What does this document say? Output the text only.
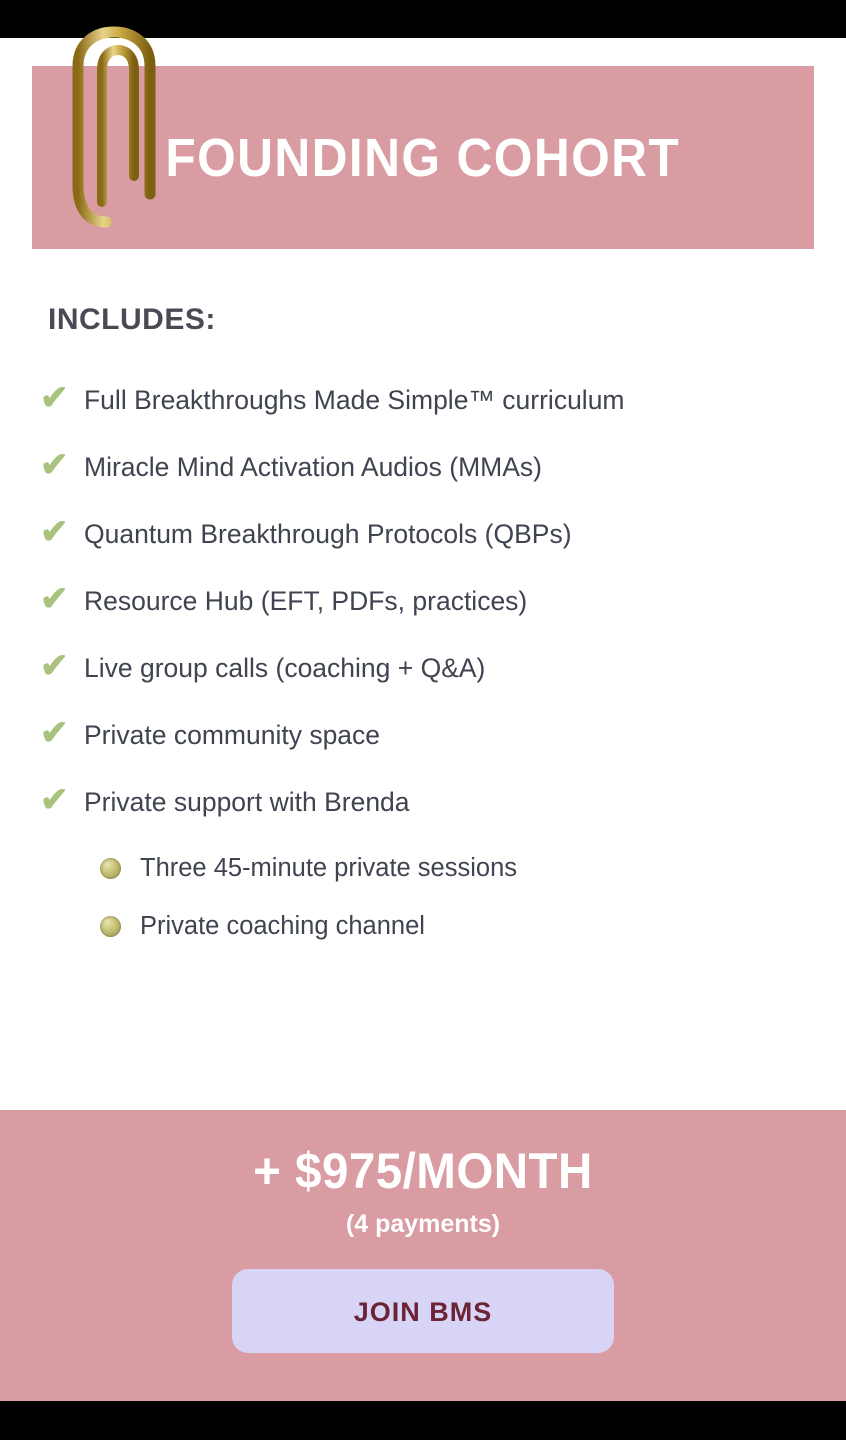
FOUNDING COHORT
INCLUDES:
✔ Full Breakthroughs Made Simple™ curriculum
✔ Miracle Mind Activation Audios (MMAs)
✔ Quantum Breakthrough Protocols (QBPs)
✔ Resource Hub (EFT, PDFs, practices)
✔ Live group calls (coaching + Q&A)
✔ Private community space
✔ Private support with Brenda
Three 45-minute private sessions
Private coaching channel
+ $975/MONTH
(4 payments)
JOIN BMS
